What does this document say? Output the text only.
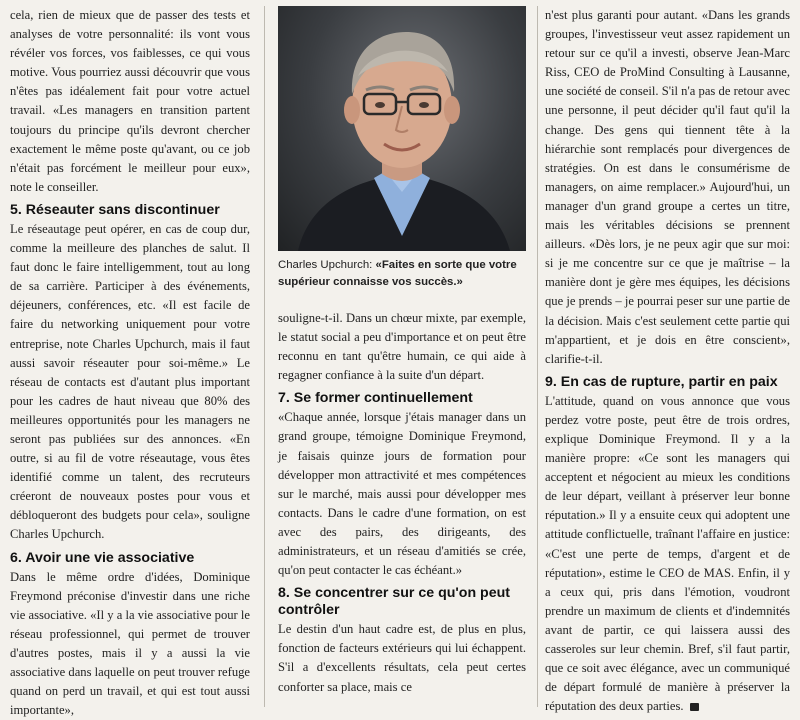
cela, rien de mieux que de passer des tests et analyses de votre personnalité: ils vont vous révéler vos forces, vos faiblesses, ce qui vous motive. Vous pourriez aussi découvrir que vous n'êtes pas idéalement fait pour votre actuel travail. «Les managers en transition partent toujours du principe qu'ils devront chercher exactement le même poste qu'avant, ou ce job n'était pas forcément le meilleur pour eux», note le conseiller.

5. Réseauter sans discontinuer

Le réseautage peut opérer, en cas de coup dur, comme la meilleure des planches de salut. Il faut donc le faire intelligemment, tout au long de sa carrière. Participer à des événements, déjeuners, conférences, etc. «Il est facile de faire du networking uniquement pour votre entreprise, note Charles Upchurch, mais il faut aussi savoir réseauter pour soi-même.» Le réseau de contacts est d'autant plus important pour les cadres de haut niveau que 80% des meilleures opportunités pour les managers ne seront pas publiées sur des annonces. «En outre, si au fil de votre réseautage, vous êtes identifié comme un talent, des recruteurs créeront de nouveaux postes pour vous et débloqueront des budgets pour cela», souligne Charles Upchurch.

6. Avoir une vie associative

Dans le même ordre d'idées, Dominique Freymond préconise d'investir dans une riche vie associative. «Il y a la vie associative pour le réseau professionnel, qui permet de trouver d'autres postes, mais il y a aussi la vie associative dans laquelle on peut trouver refuge quand on perd un travail, et qui est tout aussi importante»,

Charles Upchurch: «Faites en sorte que votre supérieur connaisse vos succès.»

souligne-t-il. Dans un chœur mixte, par exemple, le statut social a peu d'importance et on peut être reconnu en tant qu'être humain, ce qui aide à regagner confiance à la suite d'un départ.

7. Se former continuellement

«Chaque année, lorsque j'étais manager dans un grand groupe, témoigne Dominique Freymond, je faisais quinze jours de formation pour développer mon attractivité et mes compétences sur le marché, mais aussi pour développer mes contacts. Dans le cadre d'une formation, on est avec des pairs, des dirigeants, des administrateurs, et un réseau d'amitiés se crée, qu'on peut contacter le cas échéant.»

8. Se concentrer sur ce qu'on peut contrôler

Le destin d'un haut cadre est, de plus en plus, fonction de facteurs extérieurs qui lui échappent. S'il a d'excellents résultats, cela peut certes conforter sa place, mais ce

n'est plus garanti pour autant. «Dans les grands groupes, l'investisseur veut assez rapidement un retour sur ce qu'il a investi, observe Jean-Marc Riss, CEO de ProMind Consulting à Lausanne, une société de conseil. S'il n'a pas de retour avec une personne, il peut décider qu'il faut qu'il la change. Des gens qui tiennent tête à la hiérarchie sont remplacés pour divergences de stratégies. On est dans le consumérisme de managers, on aime remplacer.» Aujourd'hui, un manager d'un grand groupe a certes un titre, mais les véritables décisions se prennent ailleurs. «Dès lors, je ne peux agir que sur moi: si je me concentre sur ce que je maîtrise – la manière dont je gère mes équipes, les décisions que je prends – je pourrai peser sur une partie de la décision. Mais c'est seulement cette partie qui m'appartient, et je dois en être conscient», clarifie-t-il.

9. En cas de rupture, partir en paix

L'attitude, quand on vous annonce que vous perdez votre poste, peut être de trois ordres, explique Dominique Freymond. Il y a la manière propre: «Ce sont les managers qui acceptent et négocient au mieux les conditions de leur départ, veillant à préserver leur bonne réputation.» Il y a ensuite ceux qui adoptent une attitude conflictuelle, traînant l'affaire en justice: «C'est une perte de temps, d'argent et de réputation», estime le CEO de MAS. Enfin, il y a ceux qui, pris dans l'émotion, voudront prendre un maximum de clients et d'indemnités avant de partir, ce qui laissera aussi des casseroles sur leur chemin. Bref, s'il faut partir, que ce soit avec élégance, avec un communiqué de départ formulé de manière à préserver la réputation des deux parties.
